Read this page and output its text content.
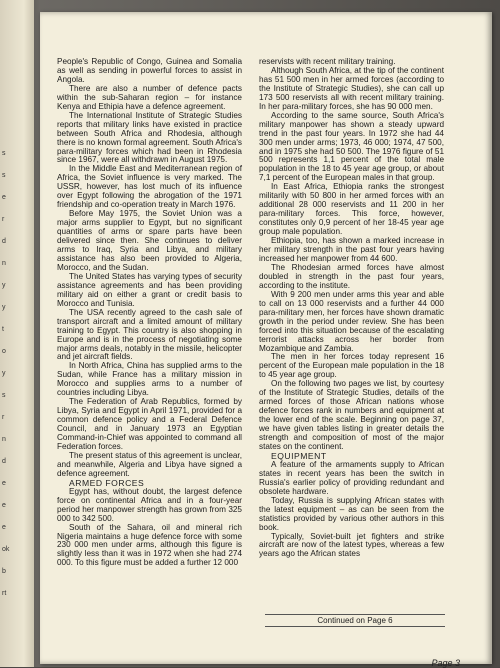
s
s
e
r
d
n
y
y
t
o
y
s
r
n
d
e
e
e
ok
b
rt

People's Republic of Congo, Guinea and Somalia as well as sending in powerful forces to assist in Angola.

There are also a number of defence pacts within the sub-Saharan region – for instance Kenya and Ethipia have a defence agreement.

The International Institute of Strategic Studies reports that military links have existed in practice between South Africa and Rhodesia, although there is no known formal agreement. South Africa's para-military forces which had been in Rhodesia since 1967, were all withdrawn in August 1975.

In the Middle East and Mediterranean region of Africa, the Soviet influence is very marked. The USSR, however, has lost much of its influence over Egypt following the abrogation of the 1971 friendship and co-operation treaty in March 1976.

Before May 1975, the Soviet Union was a major arms supplier to Egypt, but no significant quantities of arms or spare parts have been delivered since then. She continues to deliver arms to Iraq, Syria and Libya, and military assistance has also been provided to Algeria, Morocco, and the Sudan.

The United States has varying types of security assistance agreements and has been providing military aid on either a grant or credit basis to Morocco and Tunisia.

The USA recently agreed to the cash sale of transport aircraft and a limited amount of military training to Egypt. This country is also shopping in Europe and is in the process of negotiating some major arms deals, notably in the missile, helicopter and jet aircraft fields.

In North Africa, China has supplied arms to the Sudan, while France has a military mission in Morocco and supplies arms to a number of countries including Libya.

The Federation of Arab Republics, formed by Libya, Syria and Egypt in April 1971, provided for a common defence policy and a Federal Defence Council, and in January 1973 an Egyptian Command-in-Chief was appointed to command all Federation forces.

The present status of this agreement is unclear, and meanwhile, Algeria and Libya have signed a defence agreement.

ARMED FORCES

Egypt has, without doubt, the largest defence force on continental Africa and in a four-year period her manpower strength has grown from 325 000 to 342 500.

South of the Sahara, oil and mineral rich Nigeria maintains a huge defence force with some 230 000 men under arms, although this figure is slightly less than it was in 1972 when she had 274 000. To this figure must be added a further 12 000

reservists with recent military training.

Although South Africa, at the tip of the continent has 51 500 men in her armed forces (according to the Institute of Strategic Studies), she can call up 173 500 reservists all with recent military training. In her para-military forces, she has 90 000 men.

According to the same source, South Africa's military manpower has shown a steady upward trend in the past four years. In 1972 she had 44 300 men under arms; 1973, 46 000; 1974, 47 500, and in 1975 she had 50 500. The 1976 figure of 51 500 represents 1,1 percent of the total male population in the 18 to 45 year age group, or about 7,1 percent of the European males in that group.

In East Africa, Ethiopia ranks the strongest militarily with 50 800 in her armed forces with an additional 28 000 reservists and 11 200 in her para-military forces. This force, however, constitutes only 0,9 percent of her 18-45 year age group male population.

Ethiopia, too, has shown a marked increase in her military strength in the past four years having increased her manpower from 44 600.

The Rhodesian armed forces have almost doubled in strength in the past four years, according to the institute.

With 9 200 men under arms this year and able to call on 13 000 reservists and a further 44 000 para-military men, her forces have shown dramatic growth in the period under review. She has been forced into this situation because of the escalating terrorist attacks across her border from Mozambique and Zambia.

The men in her forces today represent 16 percent of the European male population in the 18 to 45 year age group.

On the following two pages we list, by courtesy of the Institute of Strategic Studies, details of the armed forces of those African nations whose defence forces rank in numbers and equipment at the lower end of the scale. Beginning on page 37, we have given tables listing in greater details the strength and composition of most of the major states on the continent.

EQUIPMENT

A feature of the armaments supply to African states in recent years has been the switch in Russia's earlier policy of providing redundant and obsolete hardware.

Today, Russia is supplying African states with the latest equipment – as can be seen from the statistics provided by various other authors in this book.

Typically, Soviet-built jet fighters and strike aircraft are now of the latest types, whereas a few years ago the African states

Continued on Page 6
Page 3
